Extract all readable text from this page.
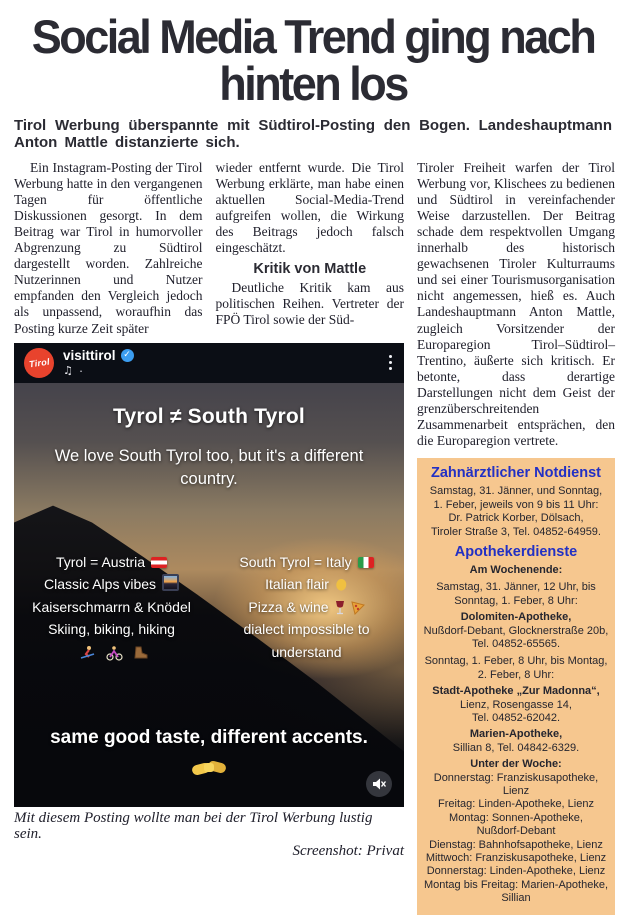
Social Media Trend ging nach hinten los
Tirol Werbung überspannte mit Südtirol-Posting den Bogen. Landeshauptmann Anton Mattle distanzierte sich.

Ein Instagram-Posting der Tirol Werbung hatte in den vergangenen Tagen für öffentliche Diskussionen gesorgt. In dem Beitrag war Tirol in humorvoller Abgrenzung zu Südtirol dargestellt worden. Zahlreiche Nutzerinnen und Nutzer empfanden den Vergleich jedoch als unpassend, woraufhin das Posting kurze Zeit später

wieder entfernt wurde. Die Tirol Werbung erklärte, man habe einen aktuellen Social-Media-Trend aufgreifen wollen, die Wirkung des Beitrags jedoch falsch eingeschätzt.

Kritik von Mattle

Deutliche Kritik kam aus politischen Reihen. Vertreter der FPÖ Tirol sowie der Süd-

Tirol visittirol ✓
♫ ·
Tyrol ≠ South Tyrol
We love South Tyrol too, but it's a different country.
Tyrol = Austria
Classic Alps vibes
Kaiserschmarrn & Knödel
Skiing, biking, hiking
South Tyrol = Italy
Italian flair
Pizza & wine
dialect impossible to understand
same good taste, different accents.
Mit diesem Posting wollte man bei der Tirol Werbung lustig sein.
Screenshot: Privat

Tiroler Freiheit warfen der Tirol Werbung vor, Klischees zu bedienen und Südtirol in vereinfachender Weise darzustellen. Der Beitrag schade dem respektvollen Umgang innerhalb des historisch gewachsenen Tiroler Kulturraums und sei einer Tourismusorganisation nicht angemessen, hieß es. Auch Landeshauptmann Anton Mattle, zugleich Vorsitzender der Europaregion Tirol–Südtirol–Trentino, äußerte sich kritisch. Er betonte, dass derartige Darstellungen nicht dem Geist der grenzüberschreitenden Zusammenarbeit entsprächen, den die Europaregion vertrete.

Zahnärztlicher Notdienst
Samstag, 31. Jänner, und Sonntag,
1. Feber, jeweils von 9 bis 11 Uhr:
Dr. Patrick Korber, Dölsach,
Tiroler Straße 3, Tel. 04852-64959.
Apothekerdienste
Am Wochenende:
Samstag, 31. Jänner, 12 Uhr, bis
Sonntag, 1. Feber, 8 Uhr:
Dolomiten-Apotheke,
Nußdorf-Debant, Glocknerstraße 20b,
Tel. 04852-65565.
Sonntag, 1. Feber, 8 Uhr, bis Montag,
2. Feber, 8 Uhr:
Stadt-Apotheke „Zur Madonna“,
Lienz, Rosengasse 14,
Tel. 04852-62042.
Marien-Apotheke,
Sillian 8, Tel. 04842-6329.
Unter der Woche:
Donnerstag: Franziskusapotheke, Lienz
Freitag: Linden-Apotheke, Lienz
Montag: Sonnen-Apotheke,
Nußdorf-Debant
Dienstag: Bahnhofsapotheke, Lienz
Mittwoch: Franziskusapotheke, Lienz
Donnerstag: Linden-Apotheke, Lienz
Montag bis Freitag: Marien-Apotheke, Sillian
